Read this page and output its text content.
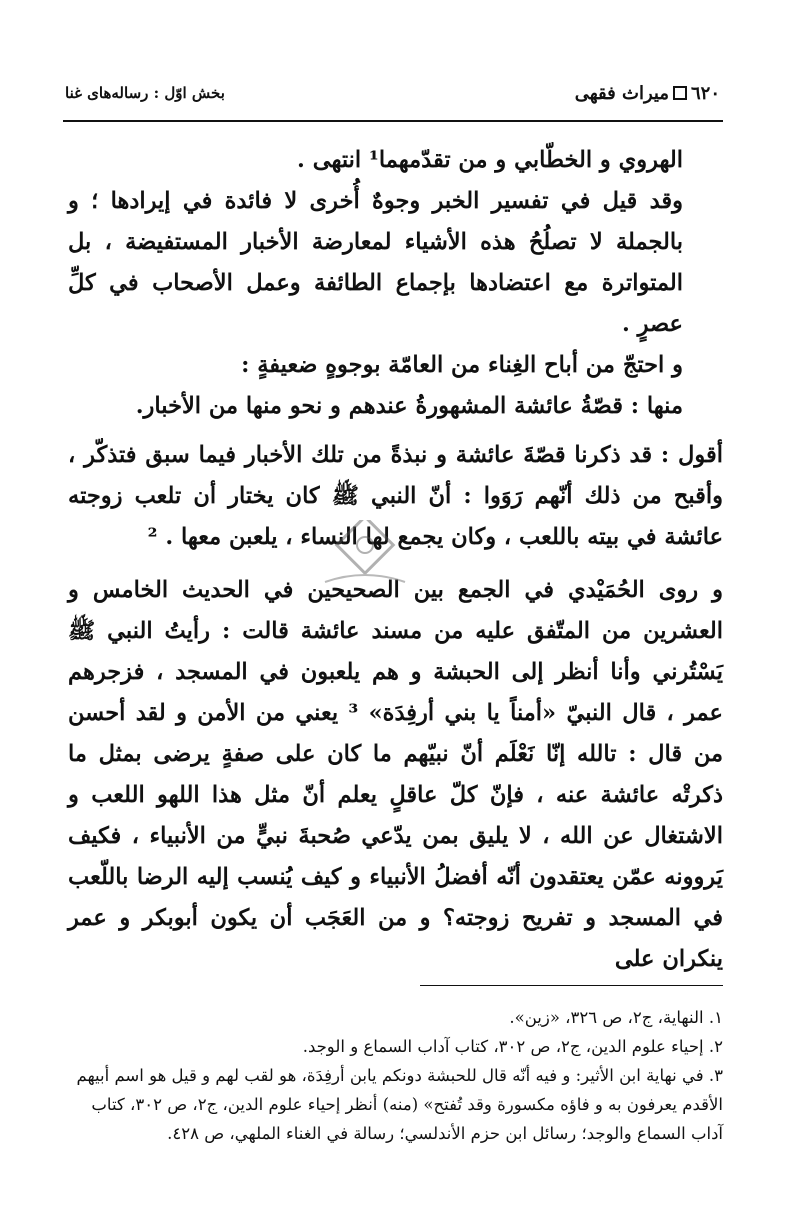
٦٢٠
میراث فقهی
بخش اوّل : رسالەهای غنا

الهروي و الخطّابي و من تقدّمهما¹ انتهى .

وقد قيل في تفسير الخبر وجوهٌ أُخرى لا فائدة في إيرادها ؛ و بالجملة لا تصلُحُ هذه الأشياء لمعارضة الأخبار المستفيضة ، بل المتواترة مع اعتضادها بإجماع الطائفة وعمل الأصحاب في كلِّ عصرٍ .

و احتجّ من أباح الغِناء من العامّة بوجوهٍ ضعيفةٍ :

منها : قصّةُ عائشة المشهورةُ عندهم و نحو منها من الأخبار.

أقول : قد ذكرنا قصّةَ عائشة و نبذةً من تلك الأخبار فيما سبق فتذكّر ، وأقبح من ذلك أنّهم رَوَوا : أنّ النبي ﷺ كان يختار أن تلعب زوجته عائشة في بيته باللعب ، وكان يجمع لها النساء ، يلعبن معها . ²

و روى الحُمَيْدي في الجمع بين الصحيحين في الحديث الخامس و العشرين من المتّفق عليه من مسند عائشة قالت : رأيتُ النبي ﷺ يَسْتُرني وأنا أنظر إلى الحبشة و هم يلعبون في المسجد ، فزجرهم عمر ، قال النبيّ «أمناً يا بني أرفِدَة» ³ يعني من الأمن و لقد أحسن من قال : تالله إنّا نَعْلَم أنّ نبيّهم ما كان على صفةٍ يرضى بمثل ما ذكرتْه عائشة عنه ، فإنّ كلّ عاقلٍ يعلم أنّ مثل هذا اللهو اللعب و الاشتغال عن الله ، لا يليق بمن يدّعي صُحبةَ نبيٍّ من الأنبياء ، فكيف يَروونه عمّن يعتقدون أنّه أفضلُ الأنبياء و كيف يُنسب إليه الرضا باللّعب في المسجد و تفريح زوجته؟ و من العَجَب أن يكون أبوبكر و عمر ينكران على

١. النهاية، ج٢، ص ٣٢٦، «زين».

٢. إحياء علوم الدين، ج٢، ص ٣٠٢، كتاب آداب السماع و الوجد.

٣. في نهاية ابن الأثير: و فيه أنّه قال للحبشة دونكم يابن أرفِدَة، هو لقب لهم و قيل هو اسم أبيهم الأقدم يعرفون به و فاؤه مكسورة وقد تُفتح» (منه) أنظر إحياء علوم الدين، ج٢، ص ٣٠٢، كتاب آداب السماع والوجد؛ رسائل ابن حزم الأندلسي؛ رسالة في الغناء الملهي، ص ٤٢٨.
